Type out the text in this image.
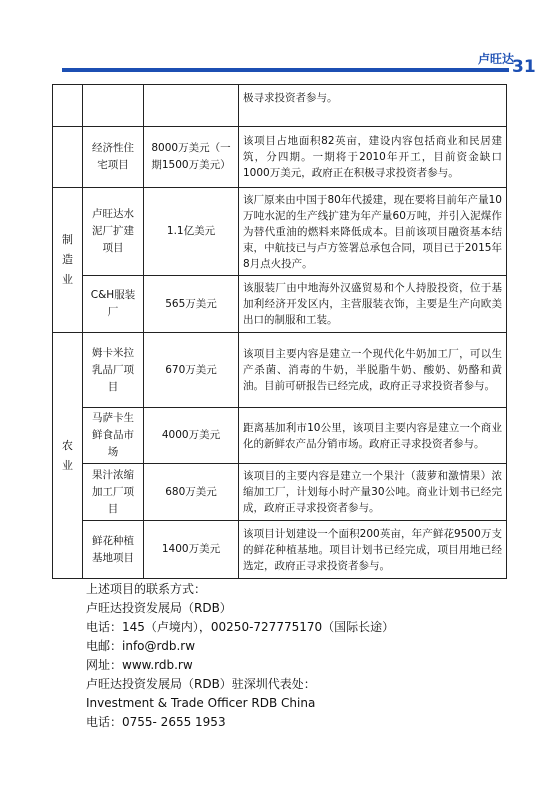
卢旺达
31
			极寻求投资者参与。
	经济性住宅项目	8000万美元（一期1500万美元）	该项目占地面积82英亩，建设内容包括商业和民居建筑，分四期。一期将于2010年开工，目前资金缺口1000万美元，政府正在积极寻求投资者参与。
制造业	卢旺达水泥厂扩建项目	1.1亿美元	该厂原来由中国于80年代援建，现在要将目前年产量10万吨水泥的生产线扩建为年产量60万吨，并引入泥煤作为替代重油的燃料来降低成本。目前该项目融资基本结束，中航技已与卢方签署总承包合同，项目已于2015年8月点火投产。
	C&H服装厂	565万美元	该服装厂由中地海外汉盛贸易和个人持股投资，位于基加利经济开发区内，主营服装衣饰，主要是生产向欧美出口的制服和工装。
农业	姆卡米拉乳品厂项目	670万美元	该项目主要内容是建立一个现代化牛奶加工厂，可以生产杀菌、消毒的牛奶，半脱脂牛奶、酸奶、奶酪和黄油。目前可研报告已经完成，政府正寻求投资者参与。
	马萨卡生鲜食品市场	4000万美元	距离基加利市10公里，该项目主要内容是建立一个商业化的新鲜农产品分销市场。政府正寻求投资者参与。
	果汁浓缩加工厂项目	680万美元	该项目的主要内容是建立一个果汁（菠萝和激情果）浓缩加工厂，计划每小时产量30公吨。商业计划书已经完成，政府正寻求投资者参与。
	鲜花种植基地项目	1400万美元	该项目计划建设一个面积200英亩，年产鲜花9500万支的鲜花种植基地。项目计划书已经完成，项目用地已经选定，政府正寻求投资者参与。
上述项目的联系方式：
卢旺达投资发展局（RDB）
电话：145（卢境内），00250-727775170（国际长途）
电邮：info@rdb.rw
网址：www.rdb.rw
卢旺达投资发展局（RDB）驻深圳代表处：
Investment & Trade Officer RDB China
电话：0755- 2655 1953
